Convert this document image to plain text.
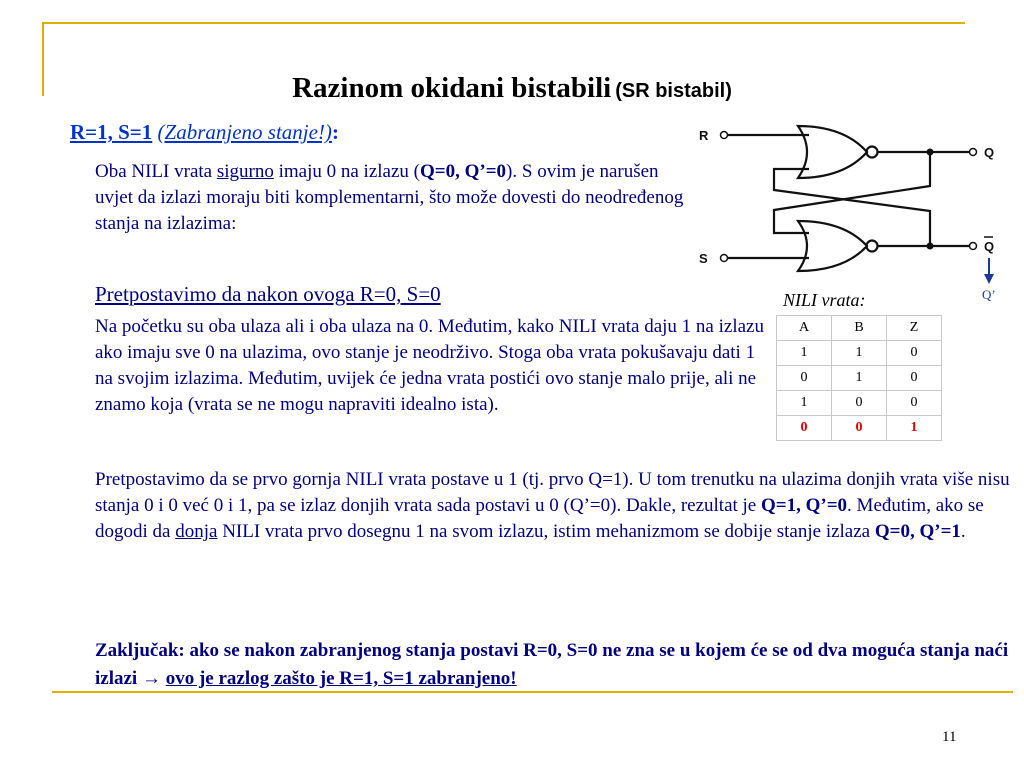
Razinom okidani bistabili (SR bistabil)
R=1, S=1 (Zabranjeno stanje!):
Oba NILI vrata sigurno imaju 0 na izlazu (Q=0, Q’=0). S ovim je narušen uvjet da izlazi moraju biti komplementarni, što može dovesti do neodređenog stanja na izlazima:
Pretpostavimo da nakon ovoga R=0, S=0
Na početku su oba ulaza ali i oba ulaza na 0. Međutim, kako NILI vrata daju 1 na izlazu ako imaju sve 0 na ulazima, ovo stanje je neodrživo. Stoga oba vrata pokušavaju dati 1 na svojim izlazima. Međutim, uvijek će jedna vrata postići ovo stanje malo prije, ali ne znamo koja (vrata se ne mogu napraviti idealno ista).
Pretpostavimo da se prvo gornja NILI vrata postave u 1 (tj. prvo Q=1). U tom trenutku na ulazima donjih vrata više nisu stanja 0 i 0 već 0 i 1, pa se izlaz donjih vrata sada postavi u 0 (Q’=0). Dakle, rezultat je Q=1, Q’=0. Međutim, ako se dogodi da donja NILI vrata prvo dosegnu 1 na svom izlazu, istim mehanizmom se dobije stanje izlaza Q=0, Q’=1.
Zaključak: ako se nakon zabranjenog stanja postavi R=0, S=0 ne zna se u kojem će se od dva moguća stanja naći izlazi → ovo je razlog zašto je R=1, S=1 zabranjeno!
R
S
Q
Q
Q’
NILI vrata:
A	B	Z
1	1	0
0	1	0
1	0	0
0	0	1
11
